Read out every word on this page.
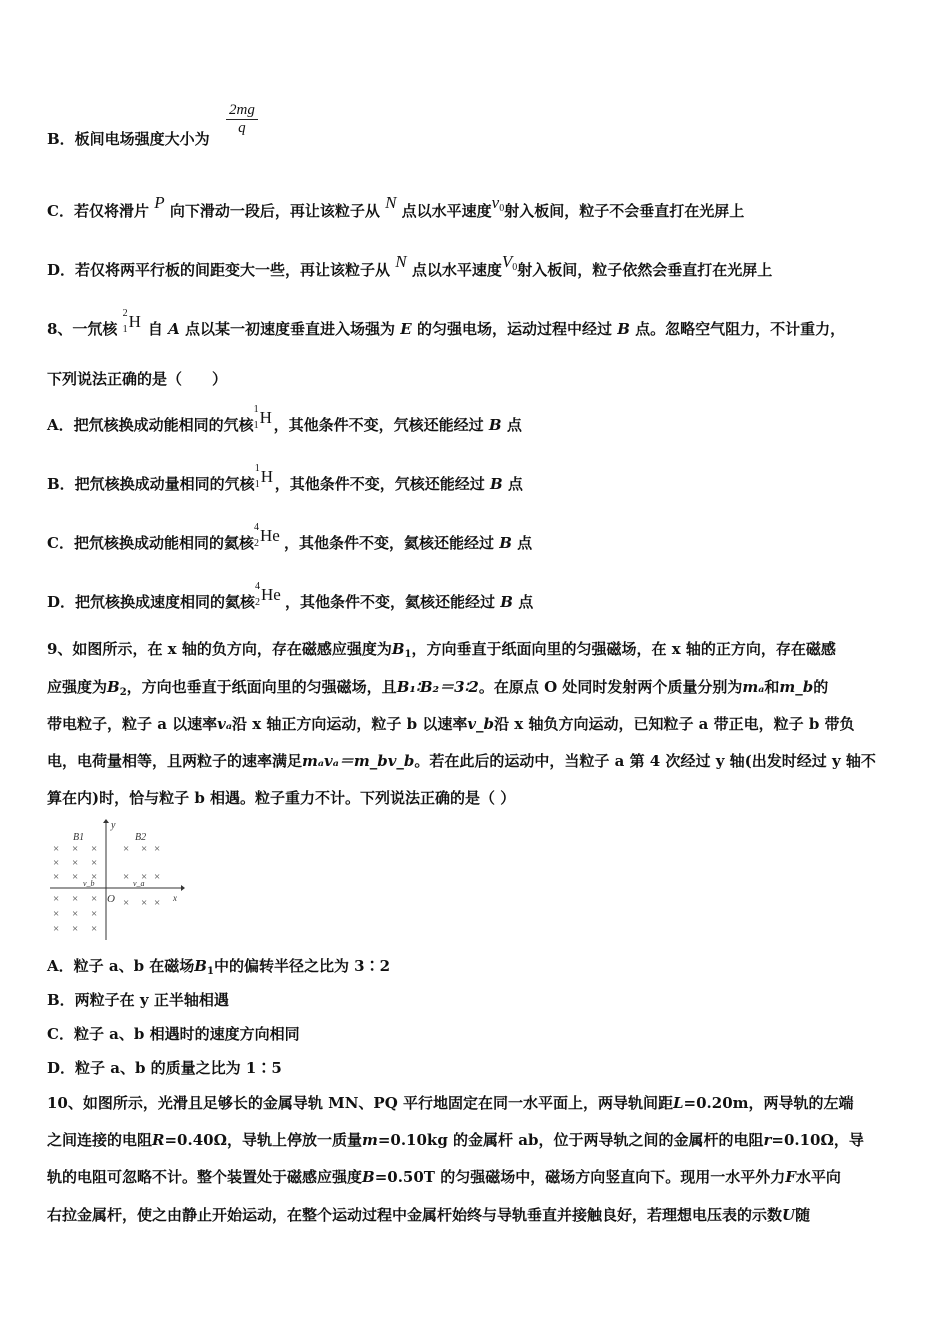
B．板间电场强度大小为
$\frac{2mg}{q}$
C．若仅将滑片 P 向下滑动一段后，再让该粒子从 N 点以水平速度$v_0$射入板间，粒子不会垂直打在光屏上
D．若仅将两平行板的间距变大一些，再让该粒子从 N 点以水平速度$V_0$射入板间，粒子依然会垂直打在光屏上
8、一氘核
2
1 H 自 A 点以某一初速度垂直进入场强为 E 的匀强电场，运动过程中经过 B 点。忽略空气阻力，不计重力，
下列说法正确的是（　　）
A．把氘核换成动能相同的氕核
1
1 H ，其他条件不变，氕核还能经过 B 点
B．把氘核换成动量相同的氕核
1
1 H ，其他条件不变，氕核还能经过 B 点
C．把氘核换成动能相同的氦核
4
2 He ，其他条件不变，氦核还能经过 B 点
D．把氘核换成速度相同的氦核
4
2 He ，其他条件不变，氦核还能经过 B 点
9、如图所示，在 x 轴的负方向，存在磁感应强度为$B_1$，方向垂直于纸面向里的匀强磁场，在 x 轴的正方向，存在磁感
应强度为$B_2$，方向也垂直于纸面向里的匀强磁场，且B₁∶B₂＝3∶2。在原点 O 处同时发射两个质量分别为mₐ和m_b的
带电粒子，粒子 a 以速率vₐ沿 x 轴正方向运动，粒子 b 以速率v_b沿 x 轴负方向运动，已知粒子 a 带正电，粒子 b 带负
电，电荷量相等，且两粒子的速率满足mₐvₐ＝m_bv_b。若在此后的运动中，当粒子 a 第 4 次经过 y 轴(出发时经过 y 轴不
算在内)时，恰与粒子 b 相遇。粒子重力不计。下列说法正确的是（ ）
B1	B2
y
x
O
v_b	v_a
× × ×
× × ×
× × ×
× × ×
× × ×
× × ×
× × ×
× × ×
× × ×
A．粒子 a、b 在磁场$B_1$中的偏转半径之比为 3∶2
B．两粒子在 y 正半轴相遇
C．粒子 a、b 相遇时的速度方向相同
D．粒子 a、b 的质量之比为 1∶5
10、如图所示，光滑且足够长的金属导轨 MN、PQ 平行地固定在同一水平面上，两导轨间距L=0.20m，两导轨的左端
之间连接的电阻R=0.40Ω，导轨上停放一质量m=0.10kg 的金属杆 ab，位于两导轨之间的金属杆的电阻r=0.10Ω，导
轨的电阻可忽略不计。整个装置处于磁感应强度B=0.50T 的匀强磁场中，磁场方向竖直向下。现用一水平外力F水平向
右拉金属杆，使之由静止开始运动，在整个运动过程中金属杆始终与导轨垂直并接触良好，若理想电压表的示数U随
